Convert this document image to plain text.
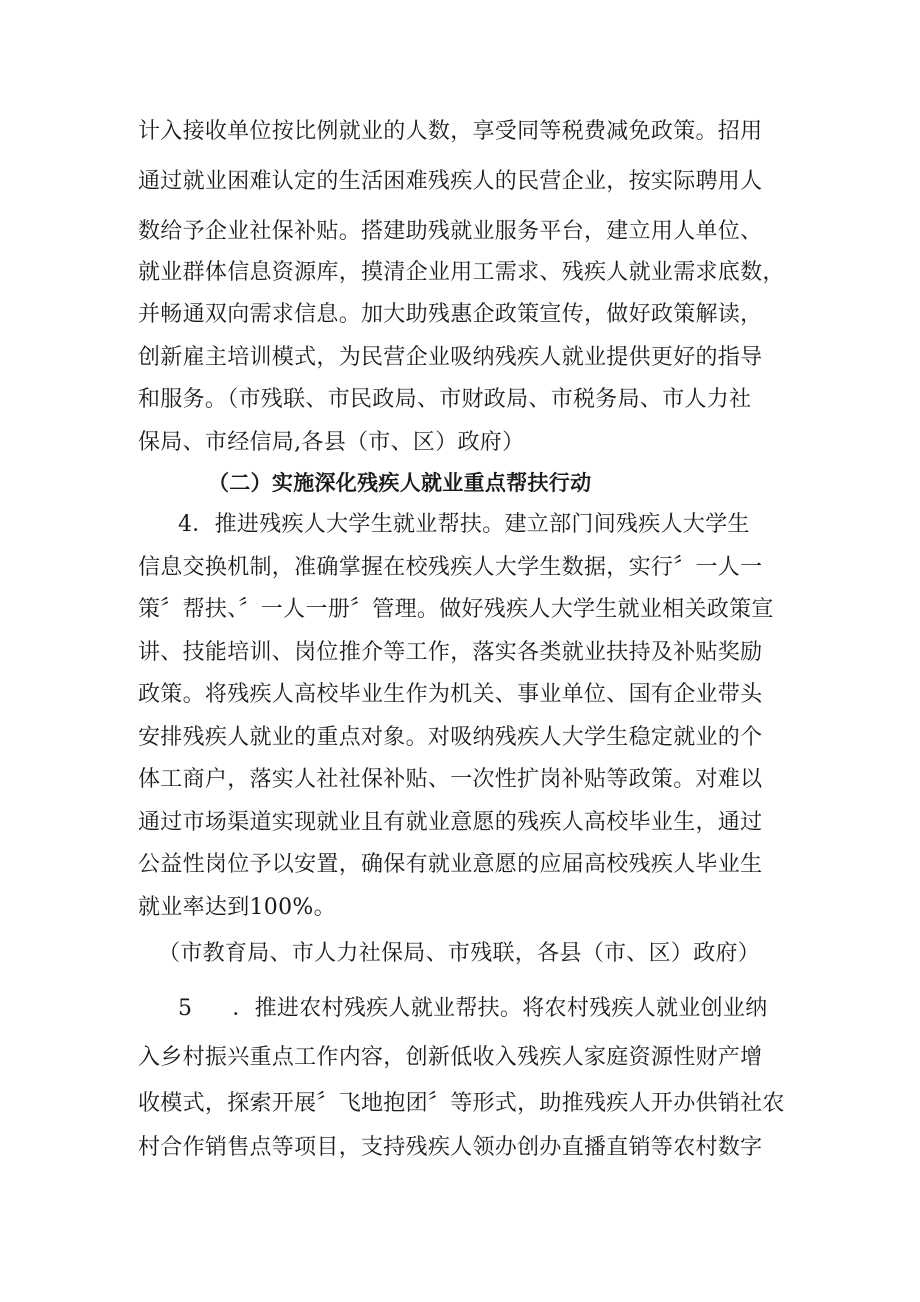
计入接收单位按比例就业的人数，享受同等税费减免政策。招用
通过就业困难认定的生活困难残疾人的民营企业，按实际聘用人
数给予企业社保补贴。搭建助残就业服务平台，建立用人单位、
就业群体信息资源库，摸清企业用工需求、残疾人就业需求底数，
并畅通双向需求信息。加大助残惠企政策宣传，做好政策解读，
创新雇主培训模式，为民营企业吸纳残疾人就业提供更好的指导
和服务。（市残联、市民政局、市财政局、市税务局、市人力社
保局、市经信局,各县（市、区）政府）
（二）实施深化残疾人就业重点帮扶行动
4．推进残疾人大学生就业帮扶。建立部门间残疾人大学生
信息交换机制，准确掌握在校残疾人大学生数据，实行〞一人一
策〞帮扶、〞一人一册〞管理。做好残疾人大学生就业相关政策宣
讲、技能培训、岗位推介等工作，落实各类就业扶持及补贴奖励
政策。将残疾人高校毕业生作为机关、事业单位、国有企业带头
安排残疾人就业的重点对象。对吸纳残疾人大学生稳定就业的个
体工商户，落实人社社保补贴、一次性扩岗补贴等政策。对难以
通过市场渠道实现就业且有就业意愿的残疾人高校毕业生，通过
公益性岗位予以安置，确保有就业意愿的应届高校残疾人毕业生
就业率达到100%。
（市教育局、市人力社保局、市残联，各县（市、区）政府）
5 ．推进农村残疾人就业帮扶。将农村残疾人就业创业纳
入乡村振兴重点工作内容，创新低收入残疾人家庭资源性财产增
收模式，探索开展〞飞地抱团〞等形式，助推残疾人开办供销社农
村合作销售点等项目，支持残疾人领办创办直播直销等农村数字
